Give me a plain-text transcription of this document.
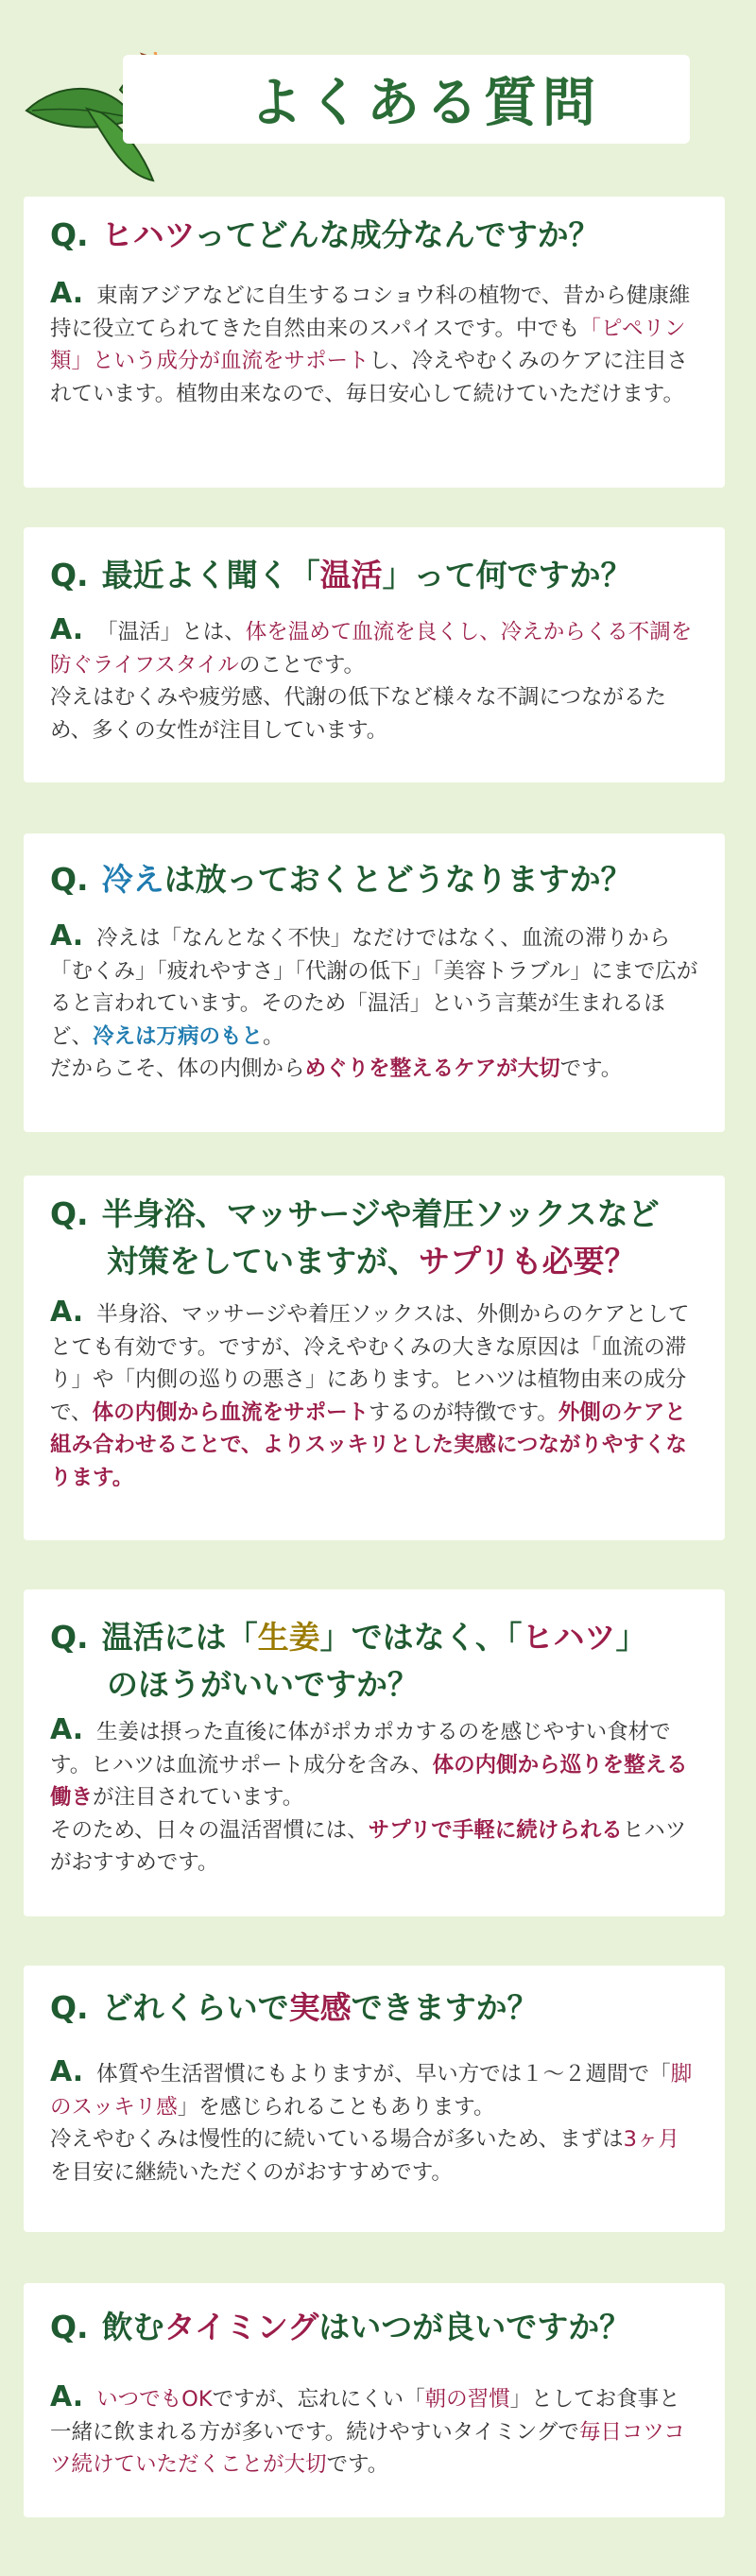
よくある質問
Q. ヒハツってどんな成分なんですか？
A. 東南アジアなどに自生するコショウ科の植物で、昔から健康維持に役立てられてきた自然由来のスパイスです。中でも「ピペリン類」という成分が血流をサポートし、冷えやむくみのケアに注目されています。植物由来なので、毎日安心して続けていただけます。
Q. 最近よく聞く「温活」って何ですか？

A. 「温活」とは、体を温めて血流を良くし、冷えからくる不調を防ぐライフスタイルのことです。

冷えはむくみや疲労感、代謝の低下など様々な不調につながるため、多くの女性が注目しています。

Q. 冷えは放っておくとどうなりますか？

A. 冷えは「なんとなく不快」なだけではなく、血流の滞りから「むくみ」「疲れやすさ」「代謝の低下」「美容トラブル」にまで広がると言われています。そのため「温活」という言葉が生まれるほど、冷えは万病のもと。

だからこそ、体の内側からめぐりを整えるケアが大切です。

Q. 半身浴、マッサージや着圧ソックスなど
対策をしていますが、サプリも必要？

A. 半身浴、マッサージや着圧ソックスは、外側からのケアとしてとても有効です。ですが、冷えやむくみの大きな原因は「血流の滞り」や「内側の巡りの悪さ」にあります。ヒハツは植物由来の成分で、体の内側から血流をサポートするのが特徴です。外側のケアと組み合わせることで、よりスッキリとした実感につながりやすくなります。

Q. 温活には「生姜」ではなく、「ヒハツ」
のほうがいいですか？

A. 生姜は摂った直後に体がポカポカするのを感じやすい食材です。ヒハツは血流サポート成分を含み、体の内側から巡りを整える働きが注目されています。

そのため、日々の温活習慣には、サプリで手軽に続けられるヒハツがおすすめです。

Q. どれくらいで実感できますか？

A. 体質や生活習慣にもよりますが、早い方では１～２週間で「脚のスッキリ感」を感じられることもあります。

冷えやむくみは慢性的に続いている場合が多いため、まずは3ヶ月を目安に継続いただくのがおすすめです。

Q. 飲むタイミングはいつが良いですか？

A. いつでもOKですが、忘れにくい「朝の習慣」としてお食事と一緒に飲まれる方が多いです。続けやすいタイミングで毎日コツコツ続けていただくことが大切です。
